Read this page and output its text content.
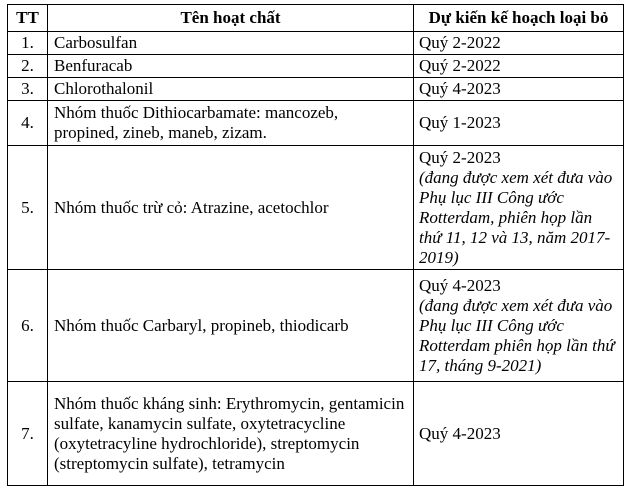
TT	Tên hoạt chất	Dự kiến kế hoạch loại bỏ
1.	Carbosulfan	Quý 2-2022

2.	Benfuracab	Quý 2-2022

3.	Chlorothalonil	Quý 4-2023

4.	Nhóm thuốc Dithiocarbamate: mancozeb, propined, zineb, maneb, zizam.	Quý 1-2023

5.	Nhóm thuốc trừ cỏ: Atrazine, acetochlor	Quý 2-2023
(đang được xem xét đưa vào Phụ lục III Công ước Rotterdam, phiên họp lần thứ 11, 12 và 13, năm 2017-2019)

6.	Nhóm thuốc Carbaryl, propineb, thiodicarb	Quý 4-2023
(đang được xem xét đưa vào Phụ lục III Công ước Rotterdam phiên họp lần thứ 17, tháng 9-2021)

7.	Nhóm thuốc kháng sinh: Erythromycin, gentamicin sulfate, kanamycin sulfate, oxytetracycline (oxytetracyline hydrochloride), streptomycin (streptomycin sulfate), tetramycin	Quý 4-2023
